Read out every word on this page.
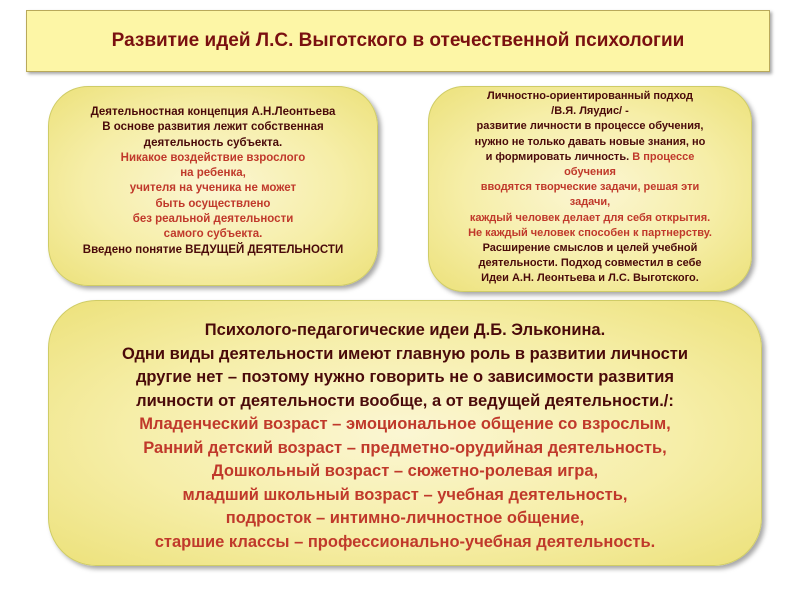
Развитие идей Л.С. Выготского в отечественной психологии
Деятельностная концепция А.Н.Леонтьева
В основе развития лежит собственная
деятельность субъекта.
Никакое воздействие взрослого
на ребенка,
учителя на ученика не может
быть осуществлено
без реальной деятельности
самого субъекта.
Введено понятие ВЕДУЩЕЙ ДЕЯТЕЛЬНОСТИ
Личностно-ориентированный подход
/В.Я. Ляудис/ -
развитие личности в процессе обучения,
нужно не только давать новые знания, но
и формировать личность. В процессе
обучения
вводятся творческие задачи, решая эти
задачи,
каждый человек делает для себя открытия.
Не каждый человек способен к партнерству.
Расширение смыслов и целей учебной
деятельности. Подход совместил в себе
Идеи А.Н. Леонтьева и Л.С. Выготского.
Психолого-педагогические идеи Д.Б. Эльконина.
Одни виды деятельности имеют главную роль в развитии личности
другие нет – поэтому нужно говорить не о зависимости развития
личности от деятельности вообще, а от ведущей деятельности./:
Младенческий возраст – эмоциональное общение со взрослым,
Ранний детский возраст – предметно-орудийная деятельность,
Дошкольный возраст – сюжетно-ролевая игра,
младший школьный возраст – учебная деятельность,
подросток – интимно-личностное общение,
старшие классы – профессионально-учебная деятельность.
